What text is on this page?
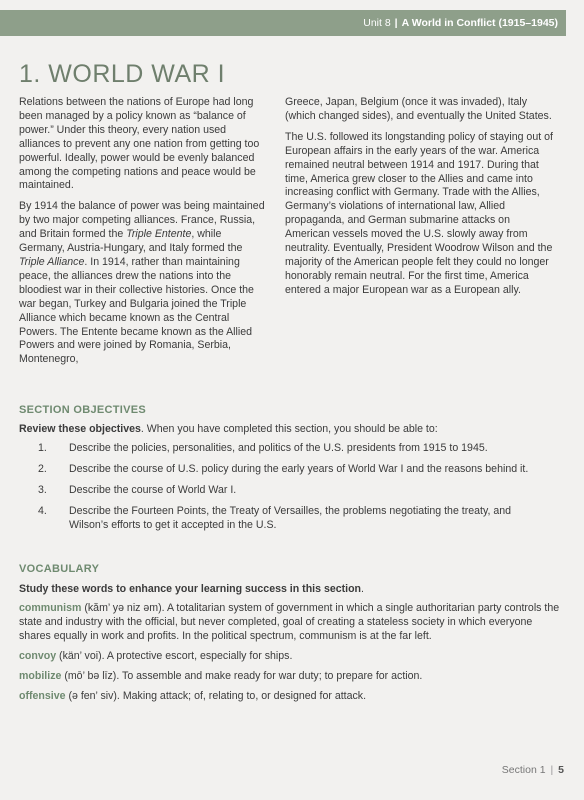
Unit 8 | A World in Conflict (1915–1945)
1. WORLD WAR I

Relations between the nations of Europe had long been managed by a policy known as “balance of power.” Under this theory, every nation used alliances to prevent any one nation from getting too powerful. Ideally, power would be evenly balanced among the competing nations and peace would be maintained.

By 1914 the balance of power was being maintained by two major competing alliances. France, Russia, and Britain formed the Triple Entente, while Germany, Austria-Hungary, and Italy formed the Triple Alliance. In 1914, rather than maintaining peace, the alliances drew the nations into the bloodiest war in their collective histories. Once the war began, Turkey and Bulgaria joined the Triple Alliance which became known as the Central Powers. The Entente became known as the Allied Powers and were joined by Romania, Serbia, Montenegro,

Greece, Japan, Belgium (once it was invaded), Italy (which changed sides), and eventually the United States.

The U.S. followed its longstanding policy of staying out of European affairs in the early years of the war. America remained neutral between 1914 and 1917. During that time, America grew closer to the Allies and came into increasing conflict with Germany. Trade with the Allies, Germany’s violations of international law, Allied propaganda, and German submarine attacks on American vessels moved the U.S. slowly away from neutrality. Eventually, President Woodrow Wilson and the majority of the American people felt they could no longer honorably remain neutral. For the first time, America entered a major European war as a European ally.

SECTION OBJECTIVES

Review these objectives. When you have completed this section, you should be able to:

1.	Describe the policies, personalities, and politics of the U.S. presidents from 1915 to 1945.
2.	Describe the course of U.S. policy during the early years of World War I and the reasons behind it.
3.	Describe the course of World War I.
4.	Describe the Fourteen Points, the Treaty of Versailles, the problems negotiating the treaty, and Wilson’s efforts to get it accepted in the U.S.
VOCABULARY

Study these words to enhance your learning success in this section.

communism (kăm’ yə niz əm). A totalitarian system of government in which a single authoritarian party controls the state and industry with the official, but never completed, goal of creating a stateless society in which everyone shares equally in work and profits. In the political spectrum, communism is at the far left.

convoy (kän’ voi). A protective escort, especially for ships.

mobilize (mō’ bə līz). To assemble and make ready for war duty; to prepare for action.

offensive (ə fen’ siv). Making attack; of, relating to, or designed for attack.

Section 1 | 5
